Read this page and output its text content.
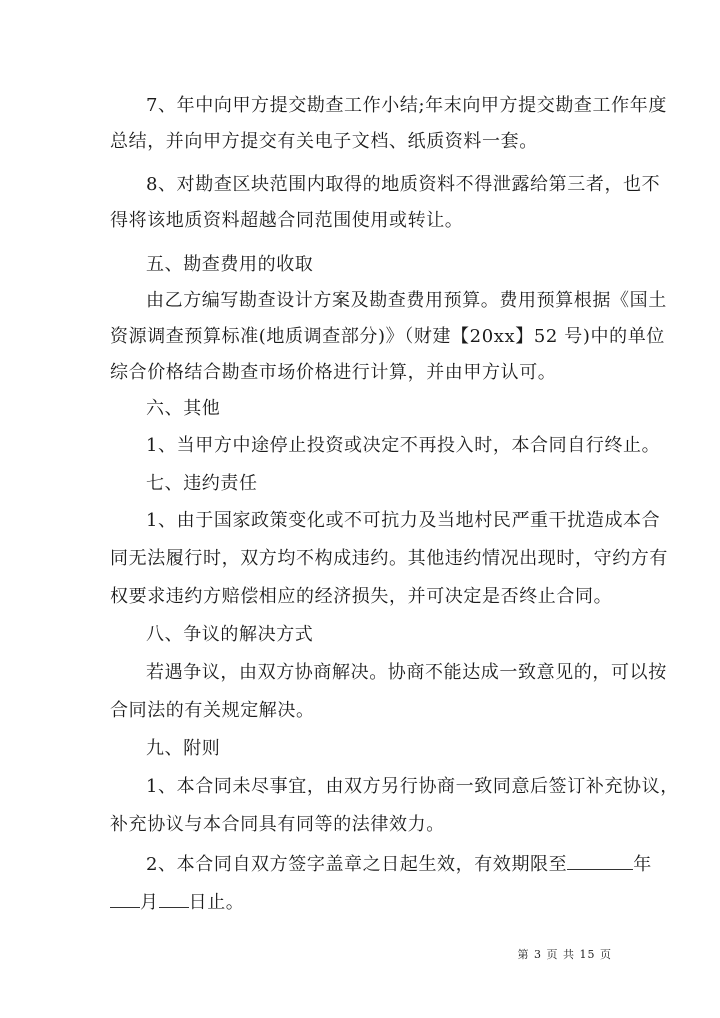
7、年中向甲方提交勘查工作小结;年末向甲方提交勘查工作年度
总结，并向甲方提交有关电子文档、纸质资料一套。
8、对勘查区块范围内取得的地质资料不得泄露给第三者，也不
得将该地质资料超越合同范围使用或转让。
五、勘查费用的收取
由乙方编写勘查设计方案及勘查费用预算。费用预算根据《国土
资源调查预算标准(地质调查部分)》（财建【20xx】52 号)中的单位
综合价格结合勘查市场价格进行计算，并由甲方认可。
六、其他
1、当甲方中途停止投资或决定不再投入时，本合同自行终止。
七、违约责任
1、由于国家政策变化或不可抗力及当地村民严重干扰造成本合
同无法履行时，双方均不构成违约。其他违约情况出现时，守约方有
权要求违约方赔偿相应的经济损失，并可决定是否终止合同。
八、争议的解决方式
若遇争议，由双方协商解决。协商不能达成一致意见的，可以按
合同法的有关规定解决。
九、附则
1、本合同未尽事宜，由双方另行协商一致同意后签订补充协议，
补充协议与本合同具有同等的法律效力。
2、本合同自双方签字盖章之日起生效，有效期限至	年
月 日止。
第 3 页 共 15 页
